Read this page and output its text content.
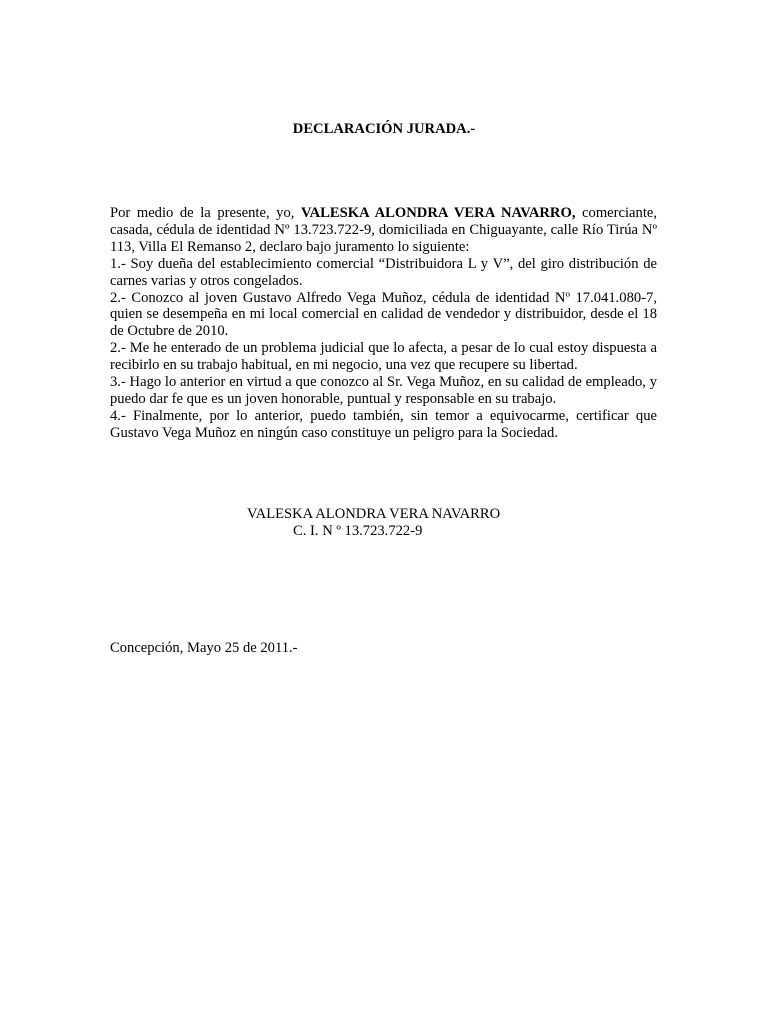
DECLARACIÓN JURADA.-

Por medio de la presente, yo, VALESKA ALONDRA VERA NAVARRO, comerciante, casada, cédula de identidad Nº 13.723.722-9, domiciliada en Chiguayante, calle Río Tirúa Nº 113, Villa El Remanso 2, declaro bajo juramento lo siguiente:

1.- Soy dueña del establecimiento comercial “Distribuidora L y V”, del giro distribución de carnes varias y otros congelados.

2.- Conozco al joven Gustavo Alfredo Vega Muñoz, cédula de identidad Nº 17.041.080-7, quien se desempeña en mi local comercial en calidad de vendedor y distribuidor, desde el 18 de Octubre de 2010.

2.- Me he enterado de un problema judicial que lo afecta, a pesar de lo cual estoy dispuesta a recibirlo en su trabajo habitual, en mi negocio, una vez que recupere su libertad.

3.- Hago lo anterior en virtud a que conozco al Sr. Vega Muñoz, en su calidad de empleado, y puedo dar fe que es un joven honorable, puntual y responsable en su trabajo.

4.- Finalmente, por lo anterior, puedo también, sin temor a equivocarme, certificar que Gustavo Vega Muñoz en ningún caso constituye un peligro para la Sociedad.

VALESKA ALONDRA VERA NAVARRO
C. I. N º 13.723.722-9
Concepción, Mayo 25 de 2011.-
